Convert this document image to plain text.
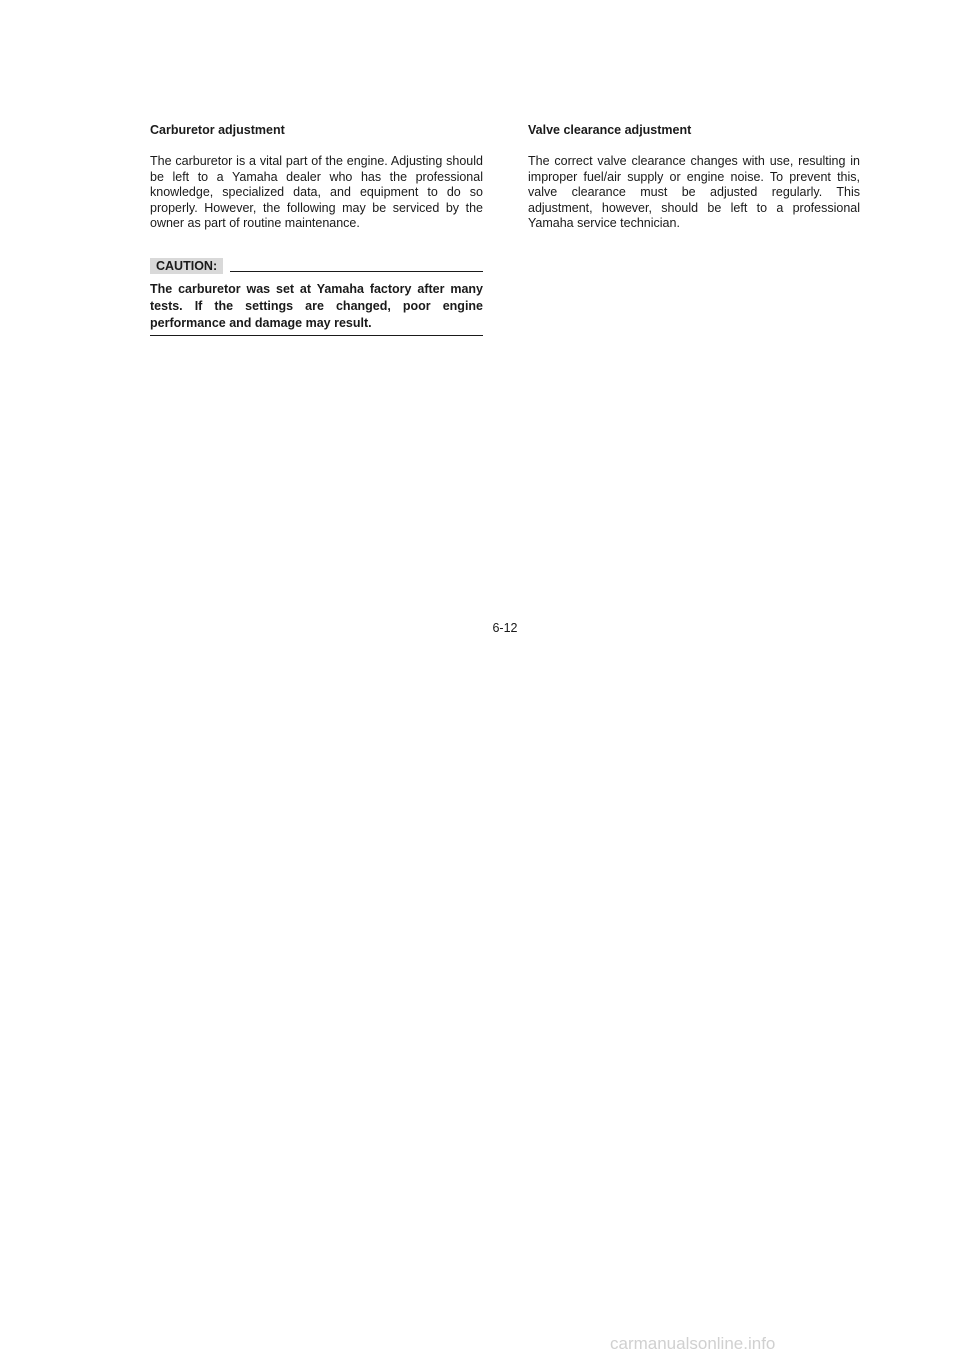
Carburetor adjustment

The carburetor is a vital part of the engine. Adjusting should be left to a Yamaha dealer who has the professional knowledge, specialized data, and equipment to do so properly. However, the following may be serviced by the owner as part of routine maintenance.

CAUTION:

The carburetor was set at Yamaha factory after many tests. If the settings are changed, poor engine performance and damage may result.

Valve clearance adjustment

The correct valve clearance changes with use, resulting in improper fuel/air supply or engine noise. To prevent this, valve clearance must be adjusted regularly. This adjustment, however, should be left to a professional Yamaha service technician.

6-12
carmanualsonline.info
